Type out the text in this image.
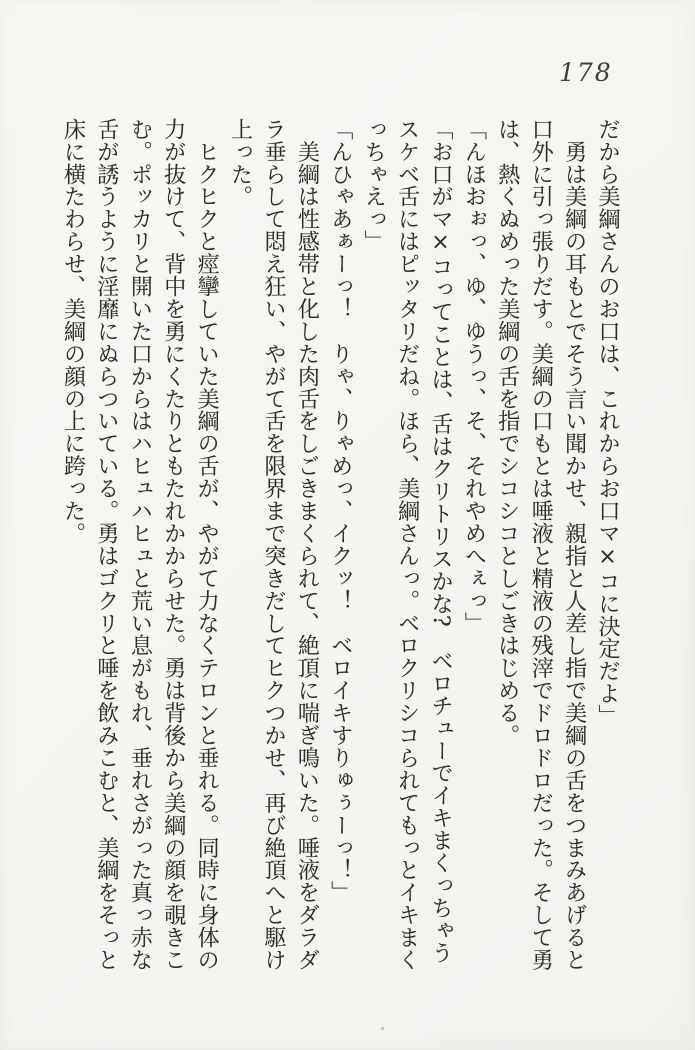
178
だから美綱さんのお口は、これからお口マ×コに決定だよ」
　勇は美綱の耳もとでそう言い聞かせ、親指と人差し指で美綱の舌をつまみあげると
口外に引っ張りだす。美綱の口もとは唾液と精液の残滓でドロドロだった。そして勇
は、熱くぬめった美綱の舌を指でシコシコとしごきはじめる。
「んほおぉっ、ゆ、ゆうっ、そ、それやめへぇっ」
「お口がマ×コってことは、舌はクリトリスかな?　ベロチューでイキまくっちゃう
スケベ舌にはピッタリだね。ほら、美綱さんっ。ベロクリシコられてもっとイキまく
っちゃえっ」
「んひゃあぁーっ！　りゃ、りゃめっ、イクッ！　ベロイキすりゅぅーっ！」
　美綱は性感帯と化した肉舌をしごきまくられて、絶頂に喘ぎ鳴いた。唾液をダラダ
ラ垂らして悶え狂い、やがて舌を限界まで突きだしてヒクつかせ、再び絶頂へと駆け
上った。
　ヒクヒクと痙攣していた美綱の舌が、やがて力なくテロンと垂れる。同時に身体の
力が抜けて、背中を勇にくたりともたれかからせた。勇は背後から美綱の顔を覗きこ
む。ポッカリと開いた口からはハヒュハヒュと荒い息がもれ、垂れさがった真っ赤な
舌が誘うように淫靡にぬらついている。勇はゴクリと唾を飲みこむと、美綱をそっと
床に横たわらせ、美綱の顔の上に跨った。
